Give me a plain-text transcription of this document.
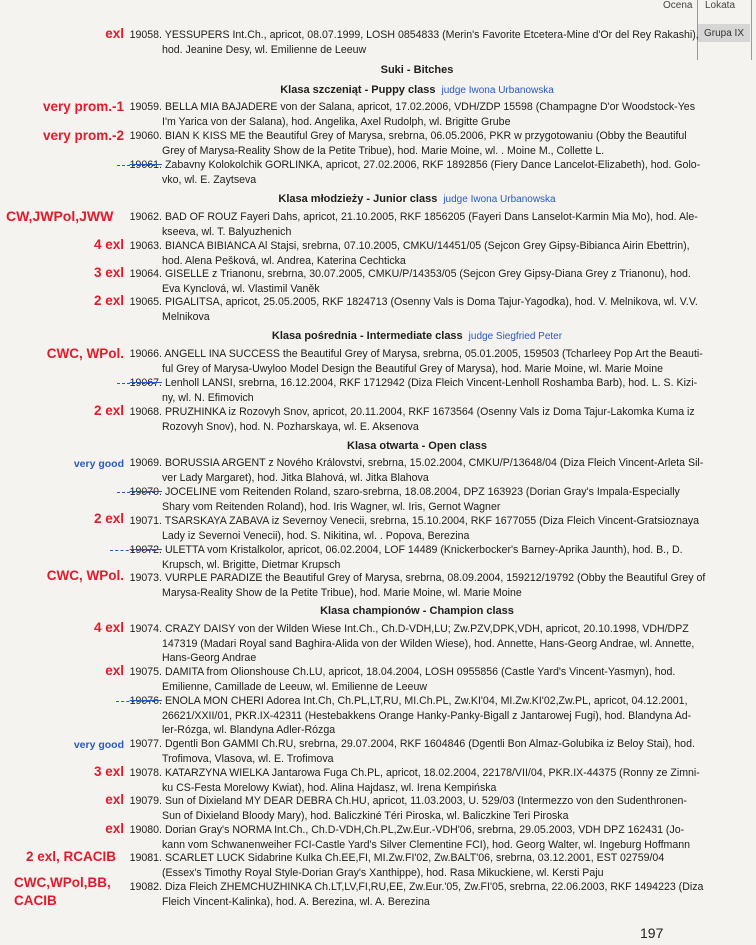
Ocena Lokata
Grupa IX
exl 19058. YESSUPERS Int.Ch., apricot, 08.07.1999, LOSH 0854833 (Merin's Favorite Etcetera-Mine d'Or del Rey Rakashi),
hod. Jeanine Desy, wl. Emilienne de Leeuw
Suki - Bitches
Klasa szczeniąt - Puppy class judge Iwona Urbanowska
very prom.-1 19059. BELLA MIA BAJADERE von der Salana, apricot, 17.02.2006, VDH/ZDP 15598 (Champagne D'or Woodstock-Yes
I'm Yarica von der Salana), hod. Angelika, Axel Rudolph, wl. Brigitte Grube
very prom.-2 19060. BIAN K KISS ME the Beautiful Grey of Marysa, srebrna, 06.05.2006, PKR w przygotowaniu (Obby the Beautiful
Grey of Marysa-Reality Show de la Petite Tribue), hod. Marie Moine, wl. . Moine M., Collette L.
19061. Zabavny Kolokolchik GORLINKA, apricot, 27.02.2006, RKF 1892856 (Fiery Dance Lancelot-Elizabeth), hod. Golo-
vko, wl. E. Zaytseva
Klasa młodzieży - Junior class judge Iwona Urbanowska
CW,JWPol,JWW 19062. BAD OF ROUZ Fayeri Dahs, apricot, 21.10.2005, RKF 1856205 (Fayeri Dans Lanselot-Karmin Mia Mo), hod. Ale-
kseeva, wl. T. Balyuzhenich
4 exl 19063. BIANCA BIBIANCA Al Stajsi, srebrna, 07.10.2005, CMKU/14451/05 (Sejcon Grey Gipsy-Bibianca Airin Ebettrin),
hod. Alena Pešková, wl. Andrea, Katerina Cechticka
3 exl 19064. GISELLE z Trianonu, srebrna, 30.07.2005, CMKU/P/14353/05 (Sejcon Grey Gipsy-Diana Grey z Trianonu), hod.
Eva Kynclová, wl. Vlastimil Vaněk
2 exl 19065. PIGALITSA, apricot, 25.05.2005, RKF 1824713 (Osenny Vals is Doma Tajur-Yagodka), hod. V. Melnikova, wl. V.V.
Melnikova
Klasa pośrednia - Intermediate class judge Siegfried Peter
CWC, WPol. 19066. ANGELL INA SUCCESS the Beautiful Grey of Marysa, srebrna, 05.01.2005, 159503 (Tcharleey Pop Art the Beauti-
ful Grey of Marysa-Uwyloo Model Design the Beautiful Grey of Marysa), hod. Marie Moine, wl. Marie Moine
19067. Lenholl LANSI, srebrna, 16.12.2004, RKF 1712942 (Diza Fleich Vincent-Lenholl Roshamba Barb), hod. L. S. Kizi-
ny, wl. N. Efimovich
2 exl 19068. PRUZHINKA iz Rozovyh Snov, apricot, 20.11.2004, RKF 1673564 (Osenny Vals iz Doma Tajur-Lakomka Kuma iz
Rozovyh Snov), hod. N. Pozharskaya, wl. E. Aksenova
Klasa otwarta - Open class
very good 19069. BORUSSIA ARGENT z Nového Královstvi, srebrna, 15.02.2004, CMKU/P/13648/04 (Diza Fleich Vincent-Arleta Sil-
ver Lady Margaret), hod. Jitka Blahová, wl. Jitka Blahova
19070. JOCELINE vom Reitenden Roland, szaro-srebrna, 18.08.2004, DPZ 163923 (Dorian Gray's Impala-Especially
Shary vom Reitenden Roland), hod. Iris Wagner, wl. Iris, Gernot Wagner
2 exl 19071. TSARSKAYA ZABAVA iz Severnoy Venecii, srebrna, 15.10.2004, RKF 1677055 (Diza Fleich Vincent-Gratsioznaya
Lady iz Severnoi Venecii), hod. S. Nikitina, wl. . Popova, Berezina
19072. ULETTA vom Kristalkolor, apricot, 06.02.2004, LOF 14489 (Knickerbocker's Barney-Aprika Jaunth), hod. B., D.
Krupsch, wl. Brigitte, Dietmar Krupsch
CWC, WPol. 19073. VURPLE PARADIZE the Beautiful Grey of Marysa, srebrna, 08.09.2004, 159212/19792 (Obby the Beautiful Grey of
Marysa-Reality Show de la Petite Tribue), hod. Marie Moine, wl. Marie Moine
Klasa championów - Champion class
4 exl 19074. CRAZY DAISY von der Wilden Wiese Int.Ch., Ch.D-VDH,LU; Zw.PZV,DPK,VDH, apricot, 20.10.1998, VDH/DPZ
147319 (Madari Royal sand Baghira-Alida von der Wilden Wiese), hod. Annette, Hans-Georg Andrae, wl. Annette,
Hans-Georg Andrae
exl 19075. DAMITA from Olionshouse Ch.LU, apricot, 18.04.2004, LOSH 0955856 (Castle Yard's Vincent-Yasmyn), hod.
Emilienne, Camillade de Leeuw, wl. Emilienne de Leeuw
19076. ENOLA MON CHERI Adorea Int.Ch, Ch.PL,LT,RU, MI.Ch.PL, Zw.KI'04, MI.Zw.KI'02,Zw.PL, apricot, 04.12.2001,
26621/XXII/01, PKR.IX-42311 (Hestebakkens Orange Hanky-Panky-Bigall z Jantarowej Fugi), hod. Blandyna Ad-
ler-Rózga, wl. Blandyna Adler-Rózga
very good 19077. Dgentli Bon GAMMI Ch.RU, srebrna, 29.07.2004, RKF 1604846 (Dgentli Bon Almaz-Golubika iz Beloy Stai), hod.
Trofimova, Vlasova, wl. E. Trofimova
3 exl 19078. KATARZYNA WIELKA Jantarowa Fuga Ch.PL, apricot, 18.02.2004, 22178/VII/04, PKR.IX-44375 (Ronny ze Zimni-
ku CS-Festa Morelowy Kwiat), hod. Alina Hajdasz, wl. Irena Kempińska
exl 19079. Sun of Dixieland MY DEAR DEBRA Ch.HU, apricot, 11.03.2003, U. 529/03 (Intermezzo von den Sudenthronen-
Sun of Dixieland Bloody Mary), hod. Baliczkiné Téri Piroska, wl. Baliczkine Teri Piroska
exl 19080. Dorian Gray's NORMA Int.Ch., Ch.D-VDH,Ch.PL,Zw.Eur.-VDH'06, srebrna, 29.05.2003, VDH DPZ 162431 (Jo-
kann vom Schwanenweiher FCI-Castle Yard's Silver Clementine FCI), hod. Georg Walter, wl. Ingeburg Hoffmann
2 exl, RCACIB 19081. SCARLET LUCK Sidabrine Kulka Ch.EE,FI, MI.Zw.FI'02, Zw.BALT'06, srebrna, 03.12.2001, EST 02759/04
(Essex's Timothy Royal Style-Dorian Gray's Xanthippe), hod. Rasa Mikuckiene, wl. Kersti Paju
CWC,WPol,BB,
CACIB
19082. Diza Fleich ZHEMCHUZHINKA Ch.LT,LV,FI,RU,EE, Zw.Eur.'05, Zw.FI'05, srebrna, 22.06.2003, RKF 1494223 (Diza
Fleich Vincent-Kalinka), hod. A. Berezina, wl. A. Berezina
197
